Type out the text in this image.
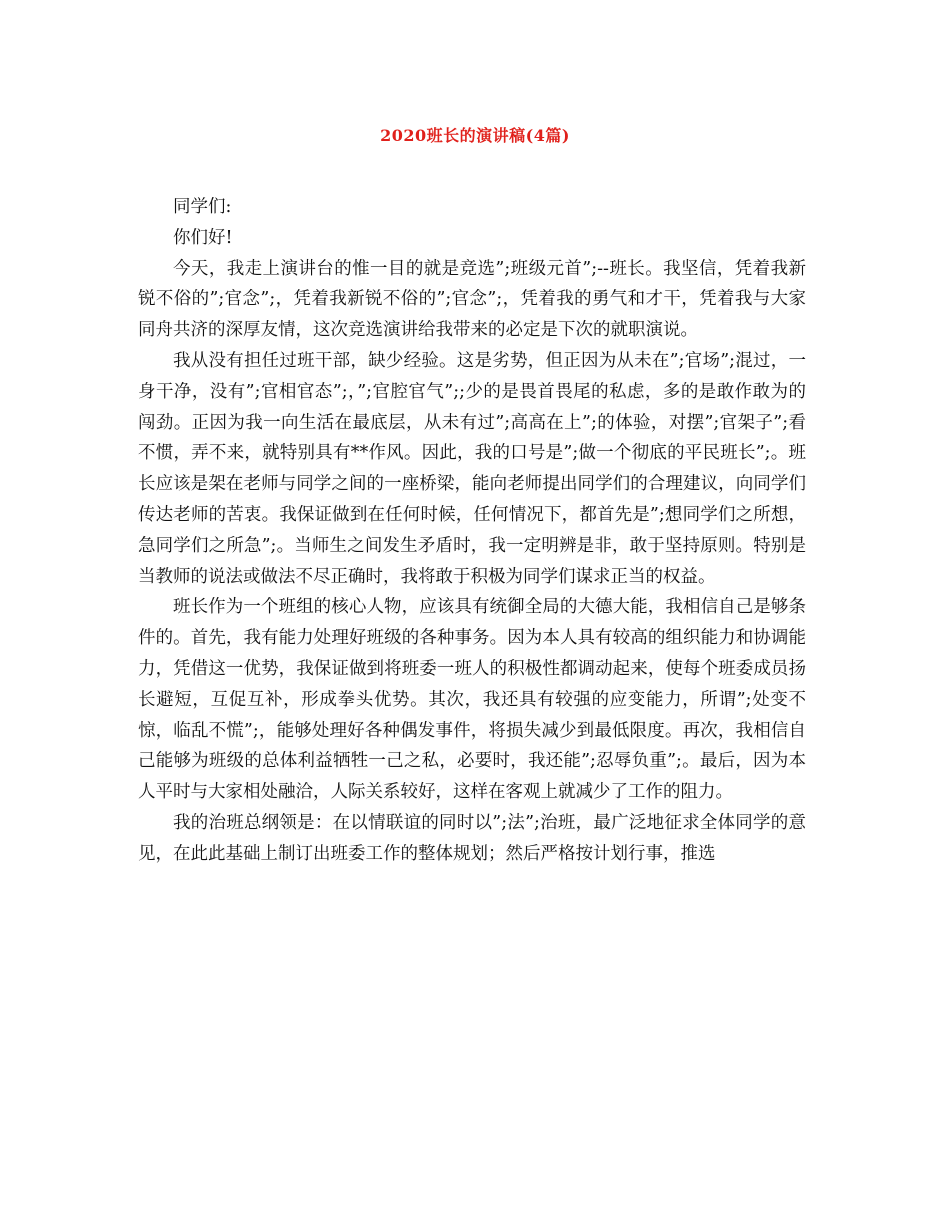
2020班长的演讲稿(4篇)

同学们:

你们好!

今天，我走上演讲台的惟一目的就是竞选”;班级元首”;--班长。我坚信，凭着我新锐不俗的”;官念”;，凭着我新锐不俗的”;官念”;，凭着我的勇气和才干，凭着我与大家同舟共济的深厚友情，这次竞选演讲给我带来的必定是下次的就职演说。

我从没有担任过班干部，缺少经验。这是劣势，但正因为从未在”;官场”;混过，一身干净，没有”;官相官态”;，”;官腔官气”;;少的是畏首畏尾的私虑，多的是敢作敢为的闯劲。正因为我一向生活在最底层，从未有过”;高高在上”;的体验，对摆”;官架子”;看不惯，弄不来，就特别具有**作风。因此，我的口号是”;做一个彻底的平民班长”;。班长应该是架在老师与同学之间的一座桥梁，能向老师提出同学们的合理建议，向同学们传达老师的苦衷。我保证做到在任何时候，任何情况下，都首先是”;想同学们之所想，急同学们之所急”;。当师生之间发生矛盾时，我一定明辨是非，敢于坚持原则。特别是当教师的说法或做法不尽正确时，我将敢于积极为同学们谋求正当的权益。

班长作为一个班组的核心人物，应该具有统御全局的大德大能，我相信自己是够条件的。首先，我有能力处理好班级的各种事务。因为本人具有较高的组织能力和协调能力，凭借这一优势，我保证做到将班委一班人的积极性都调动起来，使每个班委成员扬长避短，互促互补，形成拳头优势。其次，我还具有较强的应变能力，所谓”;处变不惊，临乱不慌”;，能够处理好各种偶发事件，将损失减少到最低限度。再次，我相信自己能够为班级的总体利益牺牲一己之私，必要时，我还能”;忍辱负重”;。最后，因为本人平时与大家相处融洽，人际关系较好，这样在客观上就减少了工作的阻力。

我的治班总纲领是：在以情联谊的同时以”;法”;治班，最广泛地征求全体同学的意见，在此此基础上制订出班委工作的整体规划；然后严格按计划行事，推选
